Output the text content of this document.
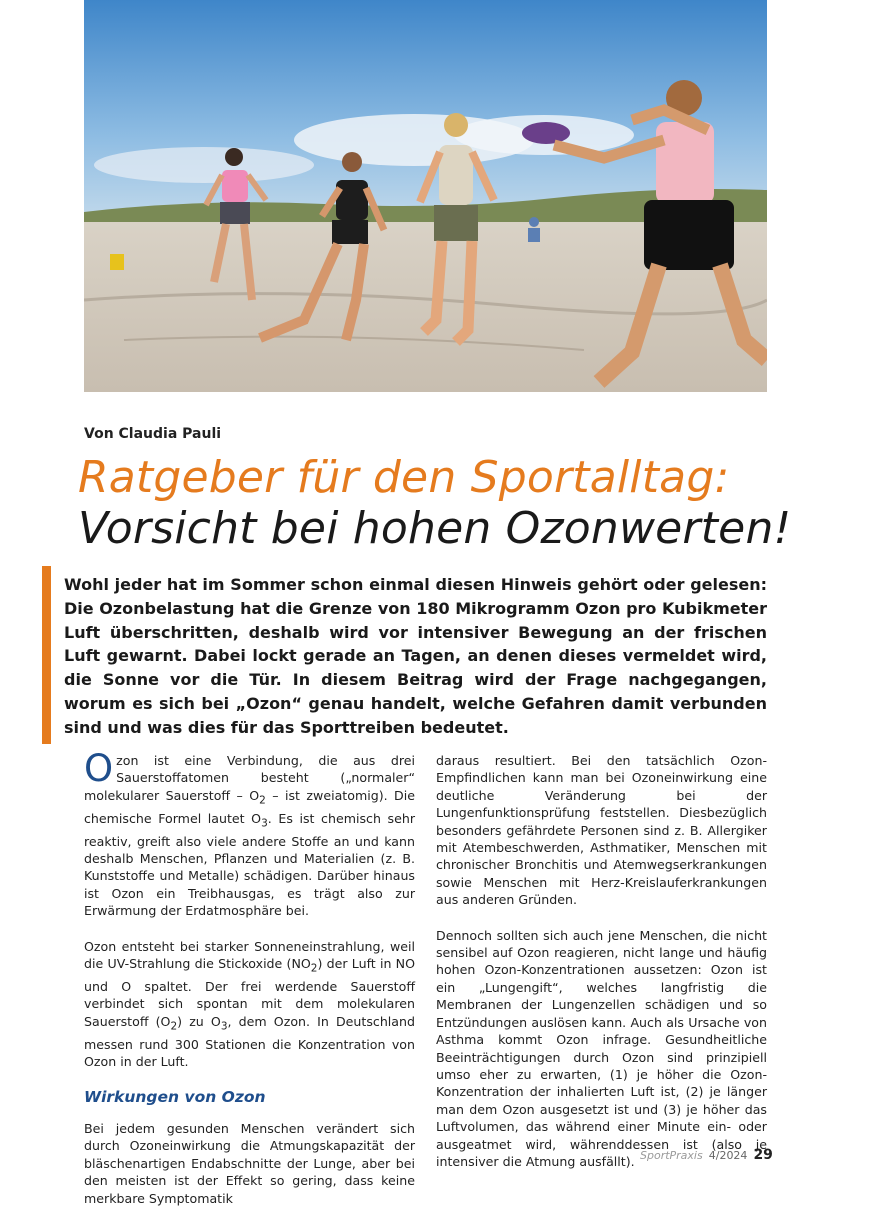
Von Claudia Pauli
Ratgeber für den Sportalltag:
Vorsicht bei hohen Ozonwerten!
Wohl jeder hat im Sommer schon einmal diesen Hinweis gehört oder gelesen: Die Ozonbelastung hat die Grenze von 180 Mikrogramm Ozon pro Kubikmeter Luft überschritten, deshalb wird vor intensiver Bewegung an der frischen Luft gewarnt. Dabei lockt gerade an Tagen, an denen dieses vermeldet wird, die Sonne vor die Tür. In diesem Beitrag wird der Frage nachgegangen, worum es sich bei „Ozon“ genau handelt, welche Gefahren damit verbunden sind und was dies für das Sporttreiben bedeutet.

Ozon ist eine Verbindung, die aus drei Sauerstoffatomen besteht („normaler“ molekularer Sauerstoff – $O_2$ – ist zweiatomig). Die chemische Formel lautet $O_3$. Es ist chemisch sehr reaktiv, greift also viele andere Stoffe an und kann deshalb Menschen, Pflanzen und Materialien (z. B. Kunststoffe und Metalle) schädigen. Darüber hinaus ist Ozon ein Treibhausgas, es trägt also zur Erwärmung der Erdatmosphäre bei.

Ozon entsteht bei starker Sonneneinstrahlung, weil die UV-Strahlung die Stickoxide $(NO_2)$ der Luft in NO und O spaltet. Der frei werdende Sauerstoff verbindet sich spontan mit dem molekularen Sauerstoff $(O_2)$ zu $O_3$, dem Ozon. In Deutschland messen rund 300 Stationen die Konzentration von Ozon in der Luft.

Wirkungen von Ozon

Bei jedem gesunden Menschen verändert sich durch Ozoneinwirkung die Atmungskapazität der bläschenartigen Endabschnitte der Lunge, aber bei den meisten ist der Effekt so gering, dass keine merkbare Symptomatik

daraus resultiert. Bei den tatsächlich Ozon-Empfindlichen kann man bei Ozoneinwirkung eine deutliche Veränderung bei der Lungenfunktionsprüfung feststellen. Diesbezüglich besonders gefährdete Personen sind z. B. Allergiker mit Atembeschwerden, Asthmatiker, Menschen mit chronischer Bronchitis und Atemwegserkrankungen sowie Menschen mit Herz-Kreislauferkrankungen aus anderen Gründen.

Dennoch sollten sich auch jene Menschen, die nicht sensibel auf Ozon reagieren, nicht lange und häufig hohen Ozon-Konzentrationen aussetzen: Ozon ist ein „Lungengift“, welches langfristig die Membranen der Lungenzellen schädigen und so Entzündungen auslösen kann. Auch als Ursache von Asthma kommt Ozon infrage. Gesundheitliche Beeinträchtigungen durch Ozon sind prinzipiell umso eher zu erwarten, (1) je höher die Ozon-Konzentration der inhalierten Luft ist, (2) je länger man dem Ozon ausgesetzt ist und (3) je höher das Luftvolumen, das während einer Minute ein- oder ausgeatmet wird, währenddessen ist (also je intensiver die Atmung ausfällt). SportPraxis 4/2024 29
